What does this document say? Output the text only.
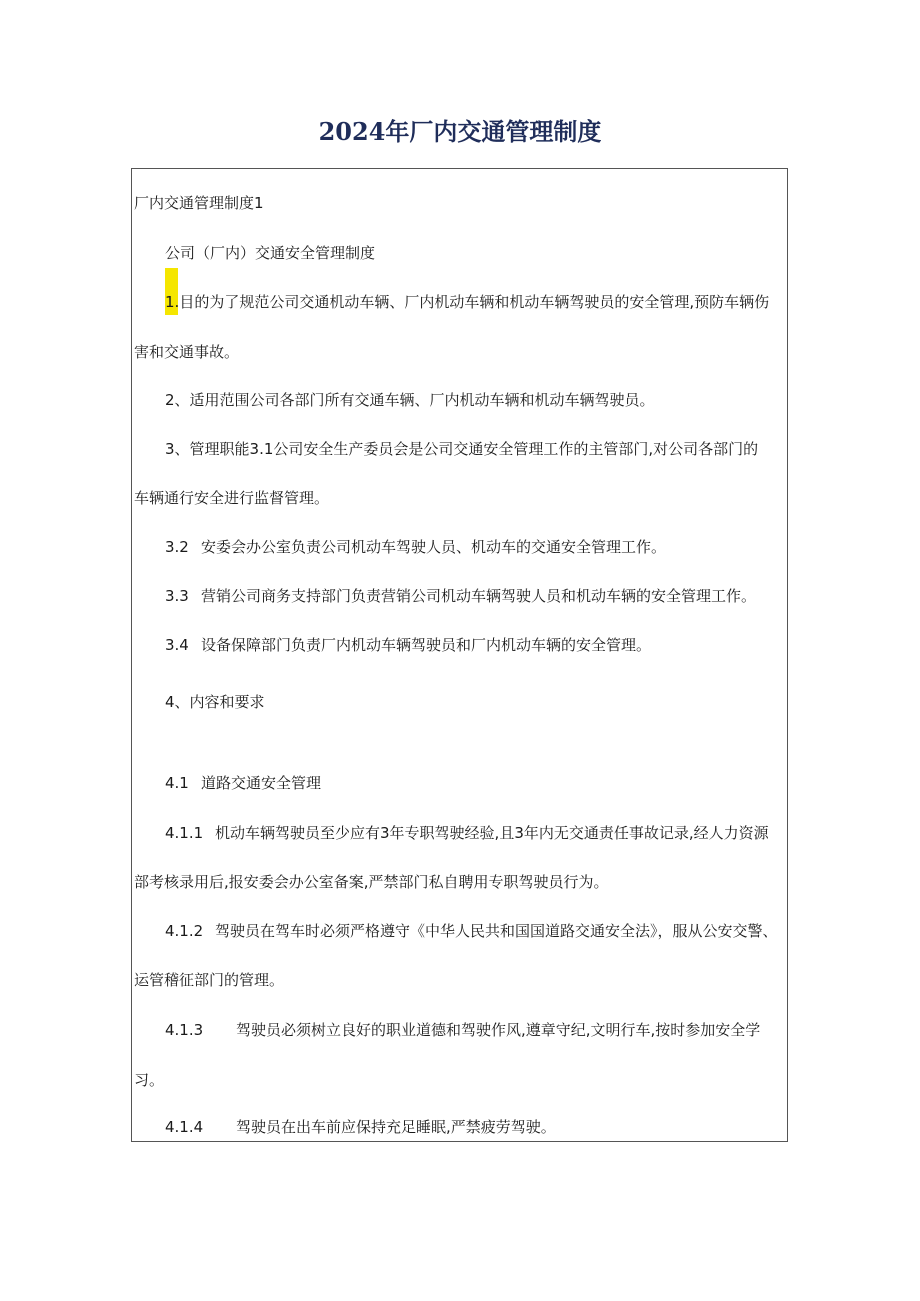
2024年厂内交通管理制度
厂内交通管理制度1
公司（厂内）交通安全管理制度
1.目的为了规范公司交通机动车辆、厂内机动车辆和机动车辆驾驶员的安全管理,预防车辆伤
害和交通事故。
2、适用范围公司各部门所有交通车辆、厂内机动车辆和机动车辆驾驶员。
3、管理职能3.1公司安全生产委员会是公司交通安全管理工作的主管部门,对公司各部门的
车辆通行安全进行监督管理。
3.2 安委会办公室负责公司机动车驾驶人员、机动车的交通安全管理工作。
3.3 营销公司商务支持部门负责营销公司机动车辆驾驶人员和机动车辆的安全管理工作。
3.4 设备保障部门负责厂内机动车辆驾驶员和厂内机动车辆的安全管理。
4、内容和要求
4.1 道路交通安全管理
4.1.1 机动车辆驾驶员至少应有3年专职驾驶经验,且3年内无交通责任事故记录,经人力资源
部考核录用后,报安委会办公室备案,严禁部门私自聘用专职驾驶员行为。
4.1.2 驾驶员在驾车时必须严格遵守《中华人民共和国国道路交通安全法》，服从公安交警、
运管稽征部门的管理。
4.1.3 驾驶员必须树立良好的职业道德和驾驶作风,遵章守纪,文明行车,按时参加安全学
习。
4.1.4 驾驶员在出车前应保持充足睡眠,严禁疲劳驾驶。
